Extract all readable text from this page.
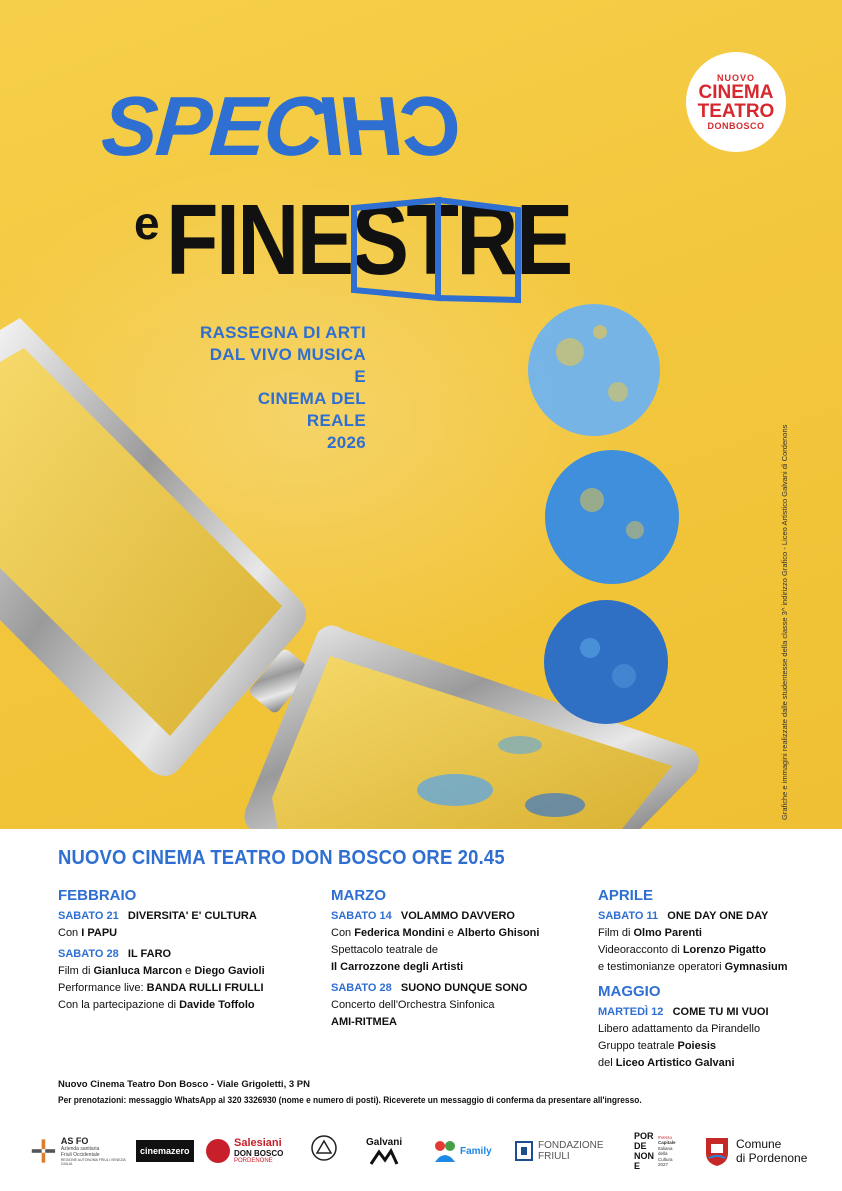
SPECCHI
e FINESTRE
RASSEGNA DI ARTI
DAL VIVO MUSICA E
CINEMA DEL REALE
2026
NUOVO
CINEMA
TEATRO
DONBOSCO
Grafiche e immagini realizzate dalle studentesse della classe 3^ indirizzo Grafico - Liceo Artistico Galvani di Cordenons
NUOVO CINEMA TEATRO DON BOSCO ORE 20.45
FEBBRAIO
SABATO 21 DIVERSITA' E' CULTURA
Con I PAPU
SABATO 28 IL FARO
Film di Gianluca Marcon e Diego Gavioli
Performance live: BANDA RULLI FRULLI
Con la partecipazione di Davide Toffolo
MARZO
SABATO 14 VOLAMMO DAVVERO
Con Federica Mondini e Alberto Ghisoni
Spettacolo teatrale de
Il Carrozzone degli Artisti
SABATO 28 SUONO DUNQUE SONO
Concerto dell'Orchestra Sinfonica
AMI-RITMEA
APRILE
SABATO 11 ONE DAY ONE DAY
Film di Olmo Parenti
Videoracconto di Lorenzo Pigatto
e testimonianze operatori Gymnasium
MAGGIO
MARTEDÌ 12 COME TU MI VUOI
Libero adattamento da Pirandello
Gruppo teatrale Poiesis
del Liceo Artistico Galvani
Nuovo Cinema Teatro Don Bosco - Viale Grigoletti, 3 PN
Per prenotazioni: messaggio WhatsApp al 320 3326930 (nome e numero di posti). Riceverete un messaggio di conferma da presentare all'ingresso.
AS FO
Azienda sanitaria
Friuli Occidentale
REGIONE AUTONOMA FRIULI VENEZIA GIULIA
cinemazero
Salesiani
DON BOSCO
PORDENONE
Galvani
Family	FONDAZIONE
FRIULI
PORDE
NONE
#Verso
Capitale
Italiana
della
Cultura
2027
Comune
di Pordenone
